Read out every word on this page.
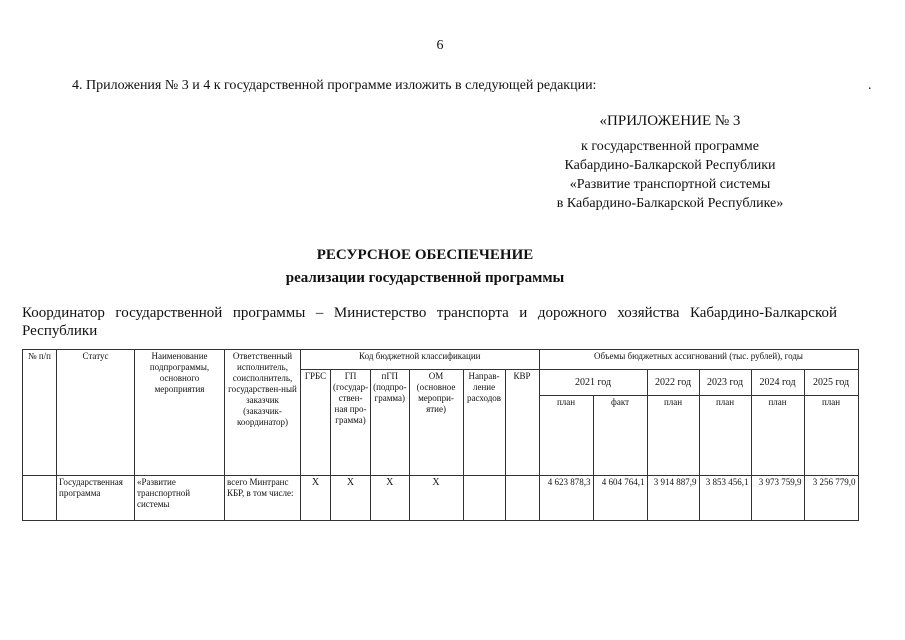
6
4. Приложения № 3 и 4 к государственной программе изложить в следующей редакции:	.
«ПРИЛОЖЕНИЕ № 3
к государственной программе
Кабардино-Балкарской Республики
«Развитие транспортной системы
в Кабардино-Балкарской Республике»
РЕСУРСНОЕ ОБЕСПЕЧЕНИЕ
реализации государственной программы
Координатор государственной программы – Министерство транспорта и дорожного хозяйства Кабардино-Балкарской Республики
№ п/п	Статус	Наименование подпрограммы, основного мероприятия	Ответственный исполнитель, соисполнитель, государствен-ный заказчик (заказчик-координатор)	Код бюджетной классификации						Объемы бюджетных ассигнований (тыс. рублей), годы					
				ГРБС	ГП (государ-ствен-ная про-грамма)	пГП (подпро-грамма)	ОМ (основное меропри-ятие)	Направ-ление расходов	КВР	2021 год		2022 год	2023 год	2024 год	2025 год
										план	факт	план	план	план	план
	Государственная программа	«Развитие транспортной системы	всего Минтранс КБР, в том числе:	Х	Х	Х	Х			4 623 878,3	4 604 764,1	3 914 887,9	3 853 456,1	3 973 759,9	3 256 779,0
